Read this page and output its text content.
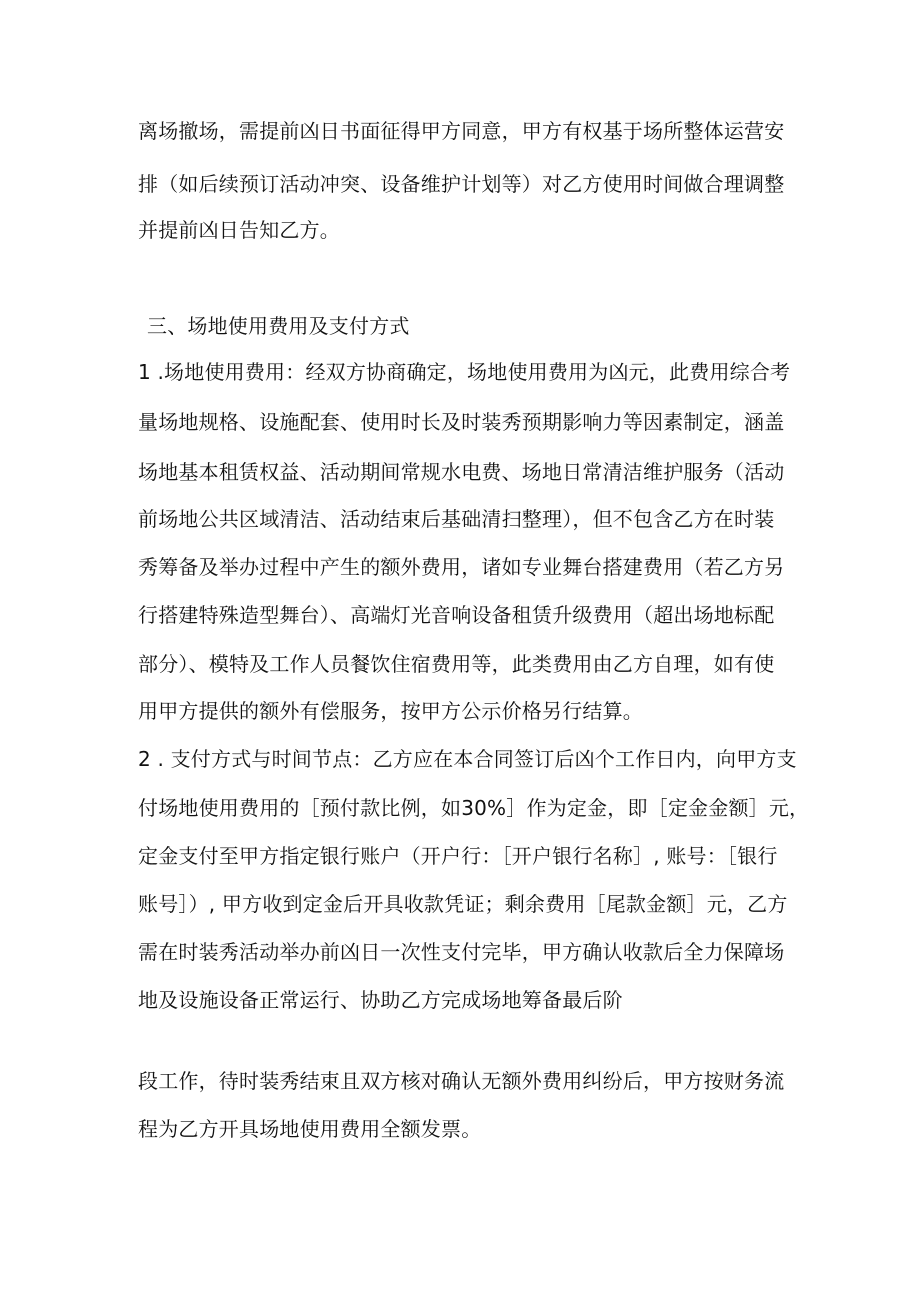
离场撤场，需提前凶日书面征得甲方同意，甲方有权基于场所整体运营安

排（如后续预订活动冲突、设备维护计划等）对乙方使用时间做合理调整

并提前凶日告知乙方。

三、场地使用费用及支付方式

1 .场地使用费用：经双方协商确定，场地使用费用为凶元，此费用综合考

量场地规格、设施配套、使用时长及时装秀预期影响力等因素制定，涵盖

场地基本租赁权益、活动期间常规水电费、场地日常清洁维护服务（活动

前场地公共区域清洁、活动结束后基础清扫整理），但不包含乙方在时装

秀筹备及举办过程中产生的额外费用，诸如专业舞台搭建费用（若乙方另

行搭建特殊造型舞台）、高端灯光音响设备租赁升级费用（超出场地标配

部分）、模特及工作人员餐饮住宿费用等，此类费用由乙方自理，如有使

用甲方提供的额外有偿服务，按甲方公示价格另行结算。

2 . 支付方式与时间节点：乙方应在本合同签订后凶个工作日内，向甲方支

付场地使用费用的［预付款比例，如30%］作为定金，即［定金金额］元，

定金支付至甲方指定银行账户（开户行：［开户银行名称］, 账号：［银行

账号］）, 甲方收到定金后开具收款凭证；剩余费用［尾款金额］元，乙方

需在时装秀活动举办前凶日一次性支付完毕，甲方确认收款后全力保障场

地及设施设备正常运行、协助乙方完成场地筹备最后阶

段工作，待时装秀结束且双方核对确认无额外费用纠纷后，甲方按财务流

程为乙方开具场地使用费用全额发票。
